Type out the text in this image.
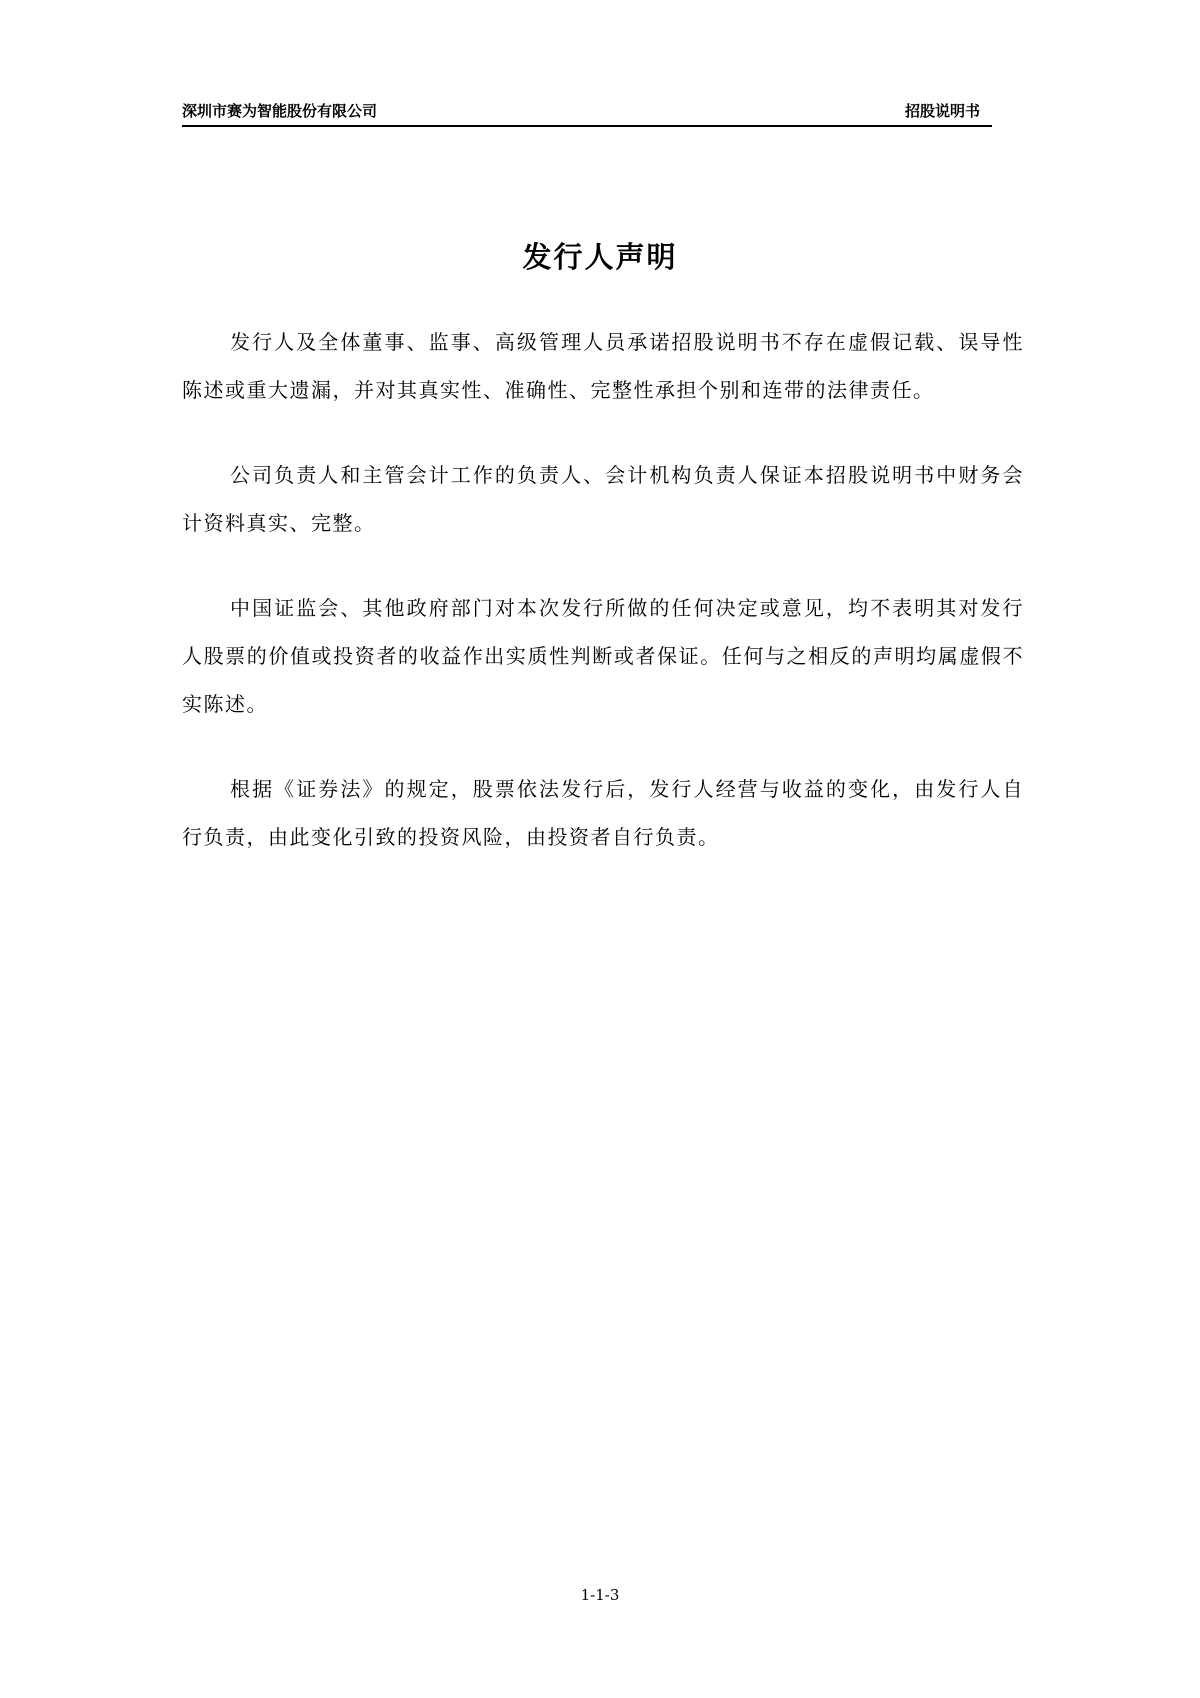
深圳市赛为智能股份有限公司	招股说明书
发行人声明

发行人及全体董事、监事、高级管理人员承诺招股说明书不存在虚假记载、误导性陈述或重大遗漏，并对其真实性、准确性、完整性承担个别和连带的法律责任。

公司负责人和主管会计工作的负责人、会计机构负责人保证本招股说明书中财务会计资料真实、完整。

中国证监会、其他政府部门对本次发行所做的任何决定或意见，均不表明其对发行人股票的价值或投资者的收益作出实质性判断或者保证。任何与之相反的声明均属虚假不实陈述。

根据《证券法》的规定，股票依法发行后，发行人经营与收益的变化，由发行人自行负责，由此变化引致的投资风险，由投资者自行负责。

1-1-3
